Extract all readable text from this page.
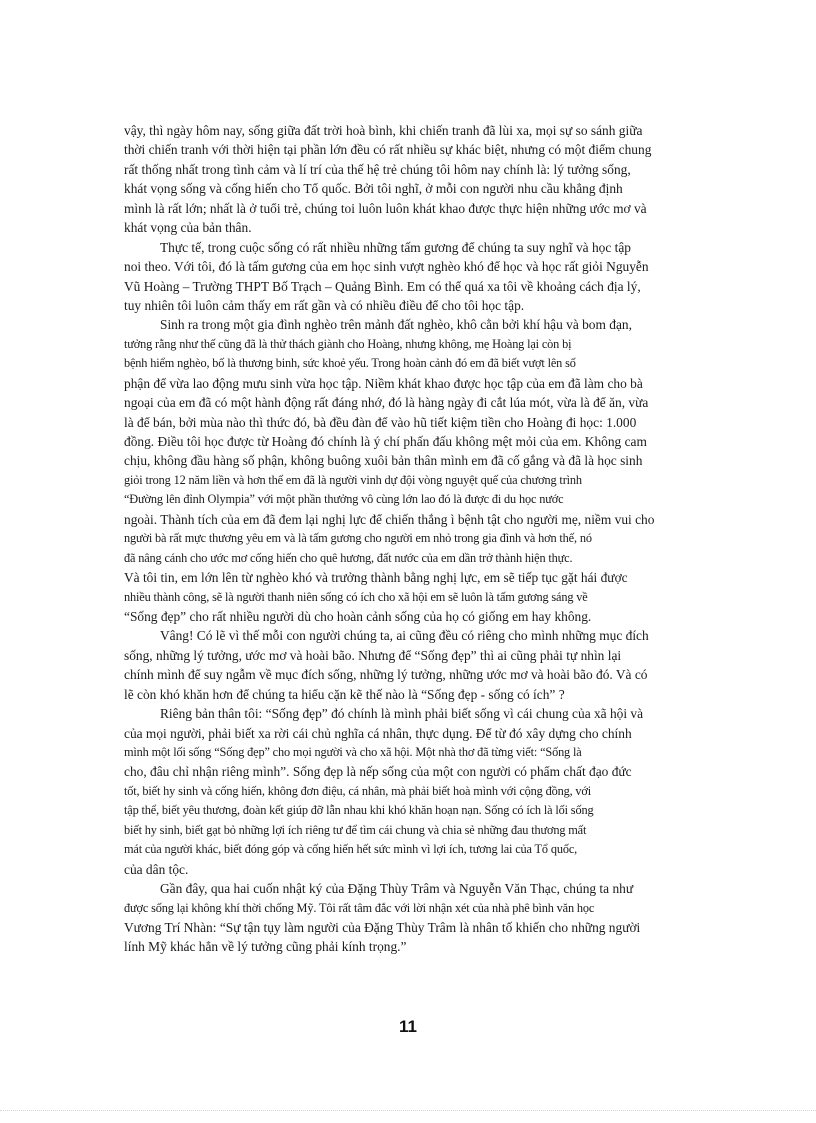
vậy, thì ngày hôm nay, sống giữa đất trời hoà bình, khi chiến tranh đã lùi xa, mọi sự so sánh giữa
thời chiến tranh với thời hiện tại phần lớn đều có rất nhiều sự khác biệt, nhưng có một điểm chung
rất thống nhất trong tình cảm và lí trí của thế hệ trẻ chúng tôi hôm nay chính là: lý tưởng sống,
khát vọng sống và cống hiến cho Tổ quốc. Bởi tôi nghĩ, ở mỗi con người nhu cầu khẳng định
mình là rất lớn; nhất là ở tuổi trẻ, chúng toi luôn luôn khát khao được thực hiện những ước mơ và
khát vọng của bản thân.
Thực tế, trong cuộc sống có rất nhiều những tấm gương để chúng ta suy nghĩ và học tập
noi theo. Với tôi, đó là tấm gương của em học sinh vượt nghèo khó để học và học rất giỏi Nguyễn
Vũ Hoàng – Trường THPT Bố Trạch – Quảng Bình. Em có thể quá xa tôi về khoảng cách địa lý,
tuy nhiên tôi luôn cảm thấy em rất gần và có nhiều điều để cho tôi học tập.
Sinh ra trong một gia đình nghèo trên mảnh đất nghèo, khô cằn bởi khí hậu và bom đạn,
tưởng rằng như thế cũng đã là thử thách giành cho Hoàng, nhưng không, mẹ Hoàng lại còn bị
bệnh hiểm nghèo, bố là thương binh, sức khoẻ yếu. Trong hoàn cảnh đó em đã biết vượt lên số
phận để vừa lao động mưu sinh vừa học tập. Niềm khát khao được học tập của em đã làm cho bà
ngoại của em đã có một hành động rất đáng nhớ, đó là hàng ngày đi cắt lúa mót, vừa là để ăn, vừa
là để bán, bởi mùa nào thì thức đó, bà đều đàn để vào hũ tiết kiệm tiền cho Hoàng đi học: 1.000
đồng. Điều tôi học được từ Hoàng đó chính là ý chí phấn đấu không mệt mỏi của em. Không cam
chịu, không đầu hàng số phận, không buông xuôi bản thân mình em đã cố gắng và đã là học sinh
giỏi trong 12 năm liền và hơn thế em đã là người vinh dự đội vòng nguyệt quế của chương trình
“Đường lên đỉnh Olympia” với một phần thưởng vô cùng lớn lao đó là được đi du học nước
ngoài. Thành tích của em đã đem lại nghị lực để chiến thắng ì bệnh tật cho người mẹ, niềm vui cho
người bà rất mực thương yêu em và là tấm gương cho người em nhỏ trong gia đình và hơn thế, nó
đã nâng cánh cho ước mơ cống hiến cho quê hương, đất nước của em dần trở thành hiện thực.
Và tôi tin, em lớn lên từ nghèo khó và trưởng thành bằng nghị lực, em sẽ tiếp tục gặt hái được
nhiều thành công, sẽ là người thanh niên sống có ích cho xã hội em sẽ luôn là tấm gương sáng về
“Sống đẹp” cho rất nhiều người dù cho hoàn cảnh sống của họ có giống em hay không.
Vâng! Có lẽ vì thế mỗi con người chúng ta, ai cũng đều có riêng cho mình những mục đích
sống, những lý tưởng, ước mơ và hoài bão. Nhưng để “Sống đẹp” thì ai cũng phải tự nhìn lại
chính mình để suy ngẫm về mục đích sống, những lý tưởng, những ước mơ và hoài bão đó. Và có
lẽ còn khó khăn hơn để chúng ta hiểu cặn kẽ thế nào là “Sống đẹp - sống có ích” ?
Riêng bản thân tôi: “Sống đẹp” đó chính là mình phải biết sống vì cái chung của xã hội và
của mọi người, phải biết xa rời cái chủ nghĩa cá nhân, thực dụng. Để từ đó xây dựng cho chính
mình một lối sống “Sống đẹp” cho mọi người và cho xã hội. Một nhà thơ đã từng viết: “Sống là
cho, đâu chỉ nhận riêng mình”. Sống đẹp là nếp sống của một con người có phẩm chất đạo đức
tốt, biết hy sinh và cống hiến, không đơn điệu, cá nhân, mà phải biết hoà mình với cộng đồng, với
tập thể, biết yêu thương, đoàn kết giúp đỡ lẫn nhau khi khó khăn hoạn nạn. Sống có ích là lối sống
biết hy sinh, biết gạt bỏ những lợi ích riêng tư để tìm cái chung và chia sẻ những đau thương mất
mát của người khác, biết đóng góp và cống hiến hết sức mình vì lợi ích, tương lai của Tổ quốc,
của dân tộc.
Gần đây, qua hai cuốn nhật ký của Đặng Thùy Trâm và Nguyễn Văn Thạc, chúng ta như
được sống lại không khí thời chống Mỹ. Tôi rất tâm đắc với lời nhận xét của nhà phê bình văn học
Vương Trí Nhàn: “Sự tận tụy làm người của Đặng Thùy Trâm là nhân tố khiến cho những người
lính Mỹ khác hẳn về lý tưởng cũng phải kính trọng.”
11
